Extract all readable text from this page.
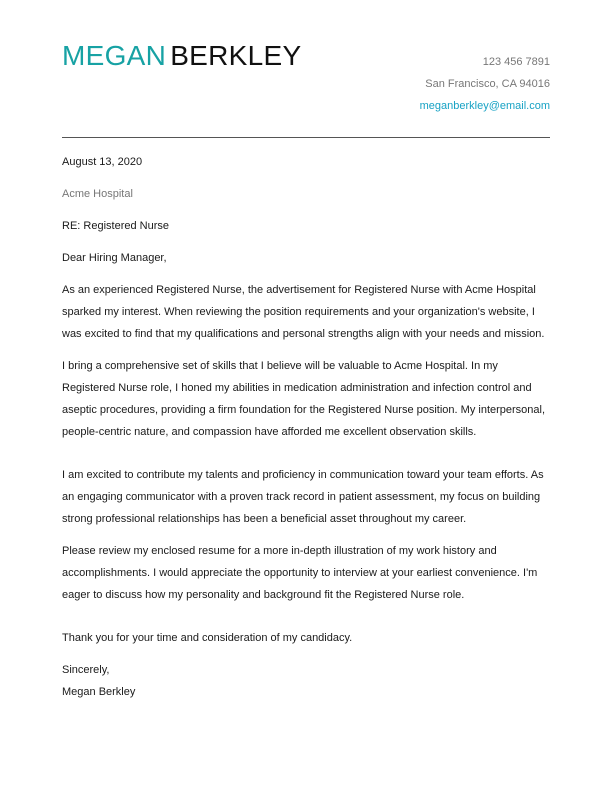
MEGAN BERKLEY	123 456 7891
San Francisco, CA 94016
meganberkley@email.com

August 13, 2020

Acme Hospital

RE: Registered Nurse

Dear Hiring Manager,

As an experienced Registered Nurse, the advertisement for Registered Nurse with Acme Hospital sparked my interest. When reviewing the position requirements and your organization's website, I was excited to find that my qualifications and personal strengths align with your needs and mission.

I bring a comprehensive set of skills that I believe will be valuable to Acme Hospital. In my Registered Nurse role, I honed my abilities in medication administration and infection control and aseptic procedures, providing a firm foundation for the Registered Nurse position. My interpersonal, people-centric nature, and compassion have afforded me excellent observation skills.

I am excited to contribute my talents and proficiency in communication toward your team efforts. As an engaging communicator with a proven track record in patient assessment, my focus on building strong professional relationships has been a beneficial asset throughout my career.

Please review my enclosed resume for a more in-depth illustration of my work history and accomplishments. I would appreciate the opportunity to interview at your earliest convenience. I'm eager to discuss how my personality and background fit the Registered Nurse role.

Thank you for your time and consideration of my candidacy.

Sincerely,

Megan Berkley
